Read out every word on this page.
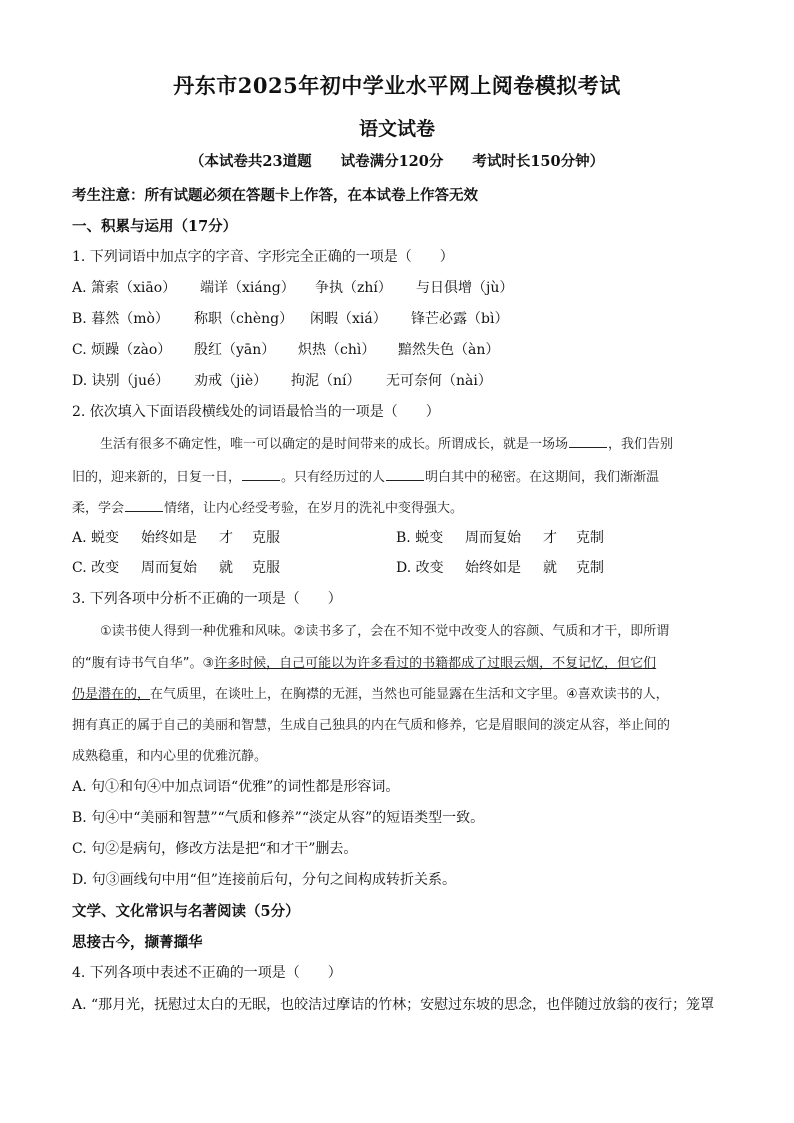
丹东市2025年初中学业水平网上阅卷模拟考试
语文试卷
（本试卷共23道题　　试卷满分120分　　考试时长150分钟）
考生注意：所有试题必须在答题卡上作答，在本试卷上作答无效
一、积累与运用（17分）
1. 下列词语中加点字的字音、字形完全正确的一项是（　　）
A. 箫索（xiāo） 端详（xiáng） 争执（zhí） 与日俱增（jù）
B. 暮然（mò） 称职（chèng） 闲暇（xiá） 锋芒必露（bì）
C. 烦躁（zào） 殷红（yān） 炽热（chì） 黯然失色（àn）
D. 诀别（jué） 劝戒（jiè） 拘泥（ní） 无可奈何（nài）
2. 依次填入下面语段横线处的词语最恰当的一项是（　　）
生活有很多不确定性，唯一可以确定的是时间带来的成长。所谓成长，就是一场场	，我们告别
旧的，迎来新的，日复一日，	。只有经历过的人	明白其中的秘密。在这期间，我们渐渐温
柔，学会	情绪，让内心经受考验，在岁月的洗礼中变得强大。
A. 蜕变 始终如是 才 克服	B. 蜕变 周而复始 才 克制
C. 改变 周而复始 就 克服	D. 改变 始终如是 就 克制
3. 下列各项中分析不正确的一项是（　　）
①读书使人得到一种优雅和风味。②读书多了，会在不知不觉中改变人的容颜、气质和才干，即所谓
的“腹有诗书气自华”。③许多时候，自己可能以为许多看过的书籍都成了过眼云烟，不复记忆，但它们
仍是潜在的，在气质里，在谈吐上，在胸襟的无涯，当然也可能显露在生活和文字里。④喜欢读书的人，
拥有真正的属于自己的美丽和智慧，生成自己独具的内在气质和修养，它是眉眼间的淡定从容，举止间的
成熟稳重，和内心里的优雅沉静。
A. 句①和句④中加点词语“优雅”的词性都是形容词。
B. 句④中“美丽和智慧”“气质和修养”“淡定从容”的短语类型一致。
C. 句②是病句，修改方法是把“和才干”删去。
D. 句③画线句中用“但”连接前后句，分句之间构成转折关系。
文学、文化常识与名著阅读（5分）
思接古今，撷菁擷华
4. 下列各项中表述不正确的一项是（　　）
A. “那月光，抚慰过太白的无眠，也皎洁过摩诘的竹林；安慰过东坡的思念，也伴随过放翁的夜行；笼罩
